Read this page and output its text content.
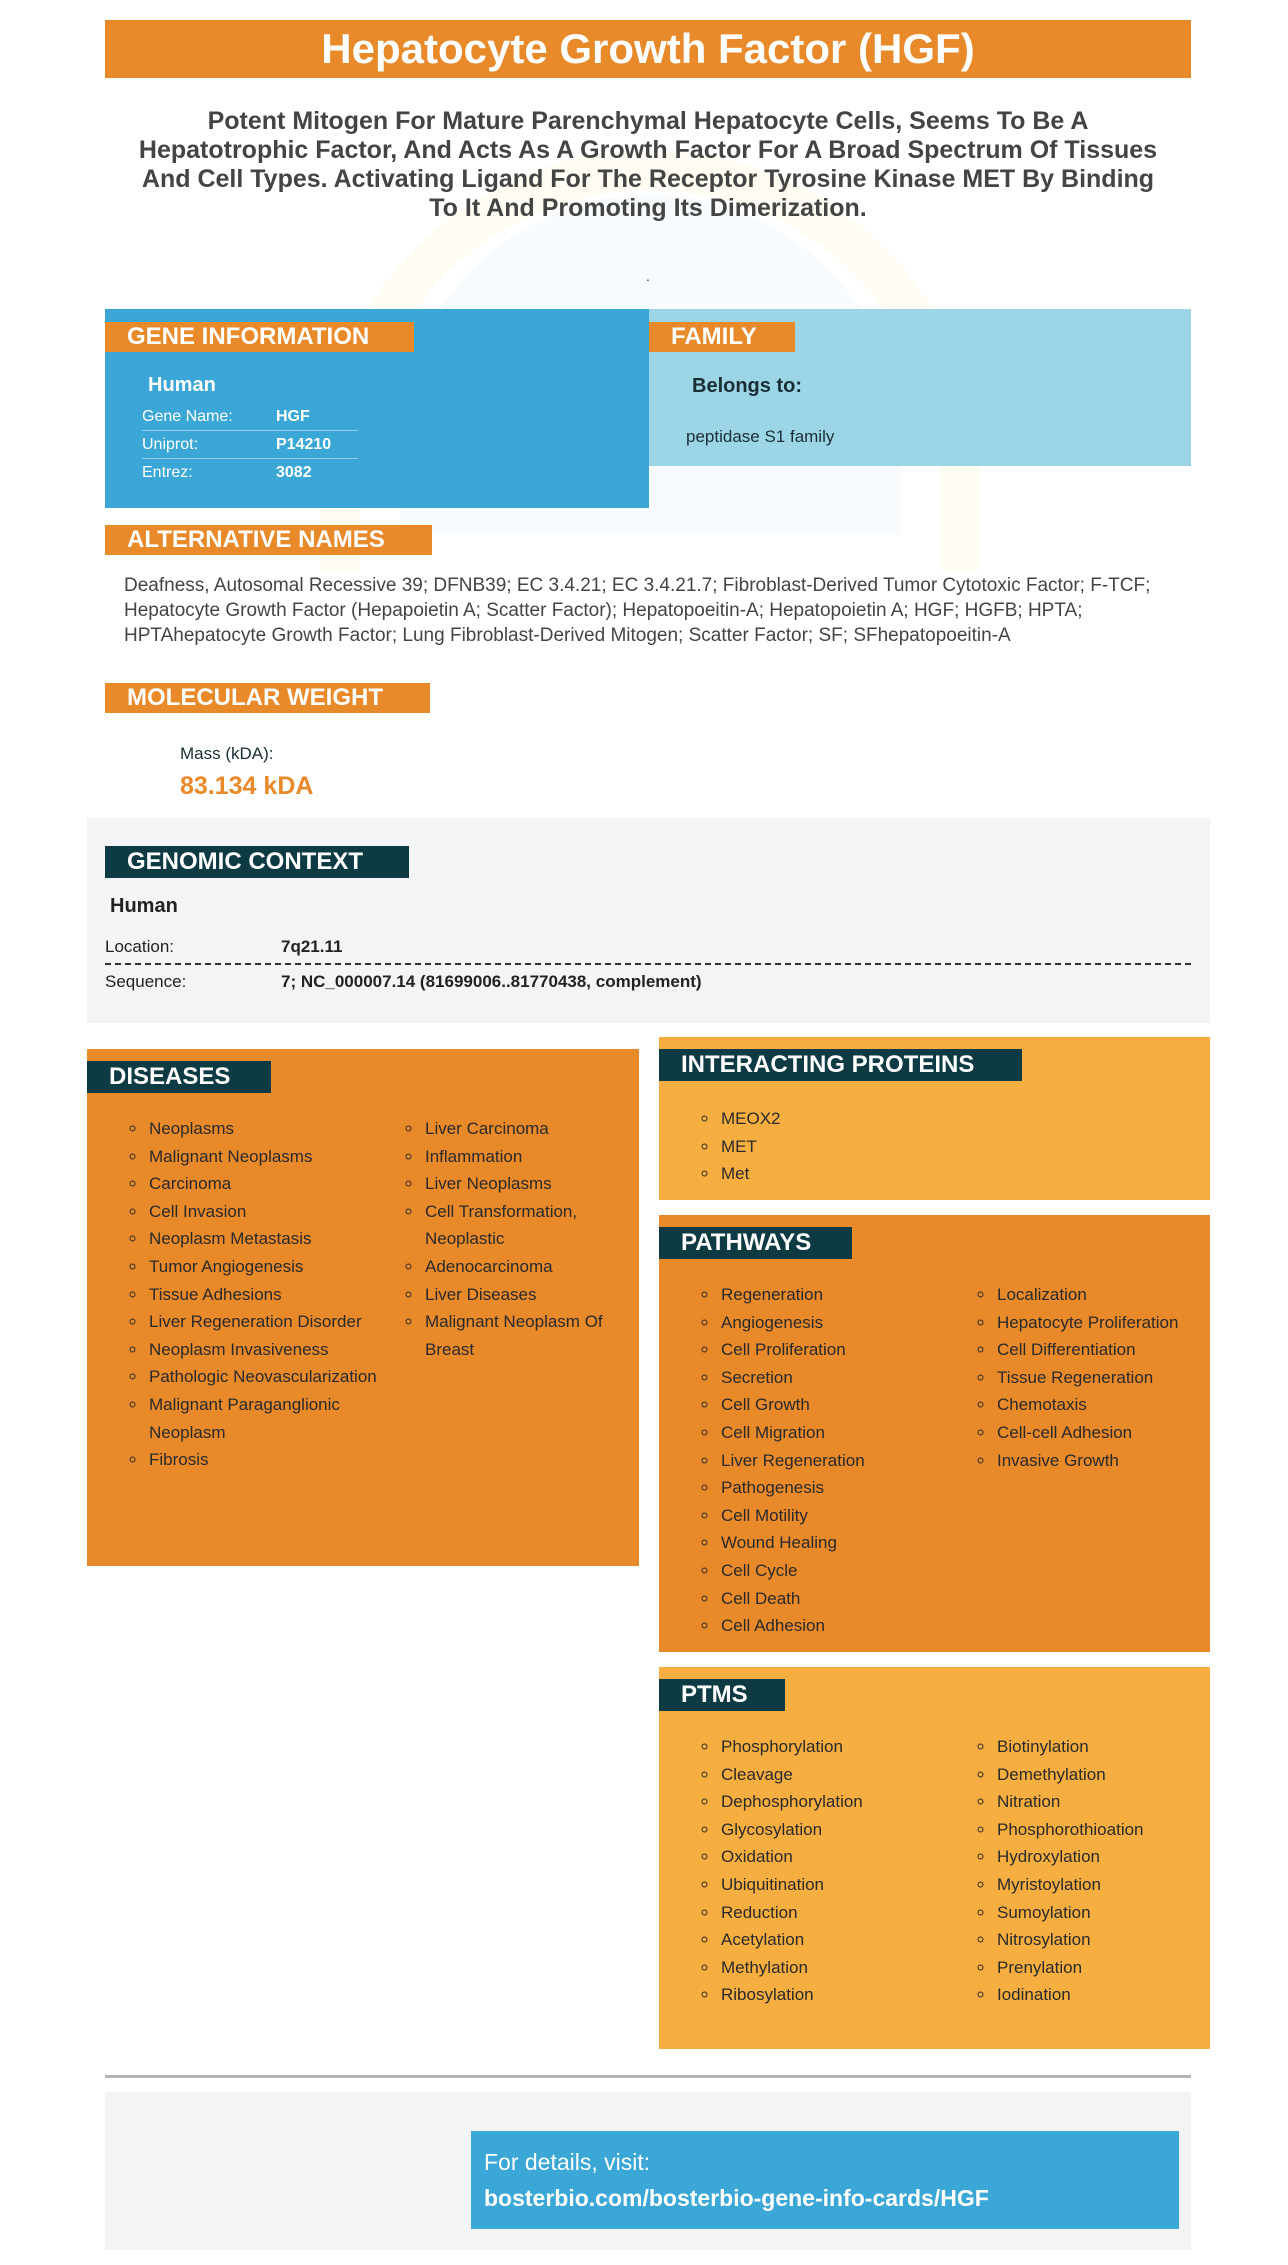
Hepatocyte Growth Factor (HGF)
Potent Mitogen For Mature Parenchymal Hepatocyte Cells, Seems To Be A Hepatotrophic Factor, And Acts As A Growth Factor For A Broad Spectrum Of Tissues And Cell Types. Activating Ligand For The Receptor Tyrosine Kinase MET By Binding To It And Promoting Its Dimerization.
.
GENE INFORMATION
Human
Gene Name:	HGF
Uniprot:	P14210
Entrez:	3082
FAMILY
Belongs to:
peptidase S1 family
ALTERNATIVE NAMES
Deafness, Autosomal Recessive 39; DFNB39; EC 3.4.21; EC 3.4.21.7; Fibroblast-Derived Tumor Cytotoxic Factor; F-TCF; Hepatocyte Growth Factor (Hepapoietin A; Scatter Factor); Hepatopoeitin-A; Hepatopoietin A; HGF; HGFB; HPTA; HPTAhepatocyte Growth Factor; Lung Fibroblast-Derived Mitogen; Scatter Factor; SF; SFhepatopoeitin-A
MOLECULAR WEIGHT
Mass (kDA):
83.134 kDA
GENOMIC CONTEXT
Human
Location:	7q21.11
Sequence:	7; NC_000007.14 (81699006..81770438, complement)
DISEASES
◦ Neoplasms
◦ Malignant Neoplasms
◦ Carcinoma
◦ Cell Invasion
◦ Neoplasm Metastasis
◦ Tumor Angiogenesis
◦ Tissue Adhesions
◦ Liver Regeneration Disorder
◦ Neoplasm Invasiveness
◦ Pathologic Neovascularization
◦ Malignant Paraganglionic Neoplasm
◦ Fibrosis
◦ Liver Carcinoma
◦ Inflammation
◦ Liver Neoplasms
◦ Cell Transformation, Neoplastic
◦ Adenocarcinoma
◦ Liver Diseases
◦ Malignant Neoplasm Of Breast
INTERACTING PROTEINS
◦ MEOX2
◦ MET
◦ Met
PATHWAYS
◦ Regeneration
◦ Angiogenesis
◦ Cell Proliferation
◦ Secretion
◦ Cell Growth
◦ Cell Migration
◦ Liver Regeneration
◦ Pathogenesis
◦ Cell Motility
◦ Wound Healing
◦ Cell Cycle
◦ Cell Death
◦ Cell Adhesion
◦ Localization
◦ Hepatocyte Proliferation
◦ Cell Differentiation
◦ Tissue Regeneration
◦ Chemotaxis
◦ Cell-cell Adhesion
◦ Invasive Growth
PTMS
◦ Phosphorylation
◦ Cleavage
◦ Dephosphorylation
◦ Glycosylation
◦ Oxidation
◦ Ubiquitination
◦ Reduction
◦ Acetylation
◦ Methylation
◦ Ribosylation
◦ Biotinylation
◦ Demethylation
◦ Nitration
◦ Phosphorothioation
◦ Hydroxylation
◦ Myristoylation
◦ Sumoylation
◦ Nitrosylation
◦ Prenylation
◦ Iodination
For details, visit:
bosterbio.com/bosterbio-gene-info-cards/HGF
